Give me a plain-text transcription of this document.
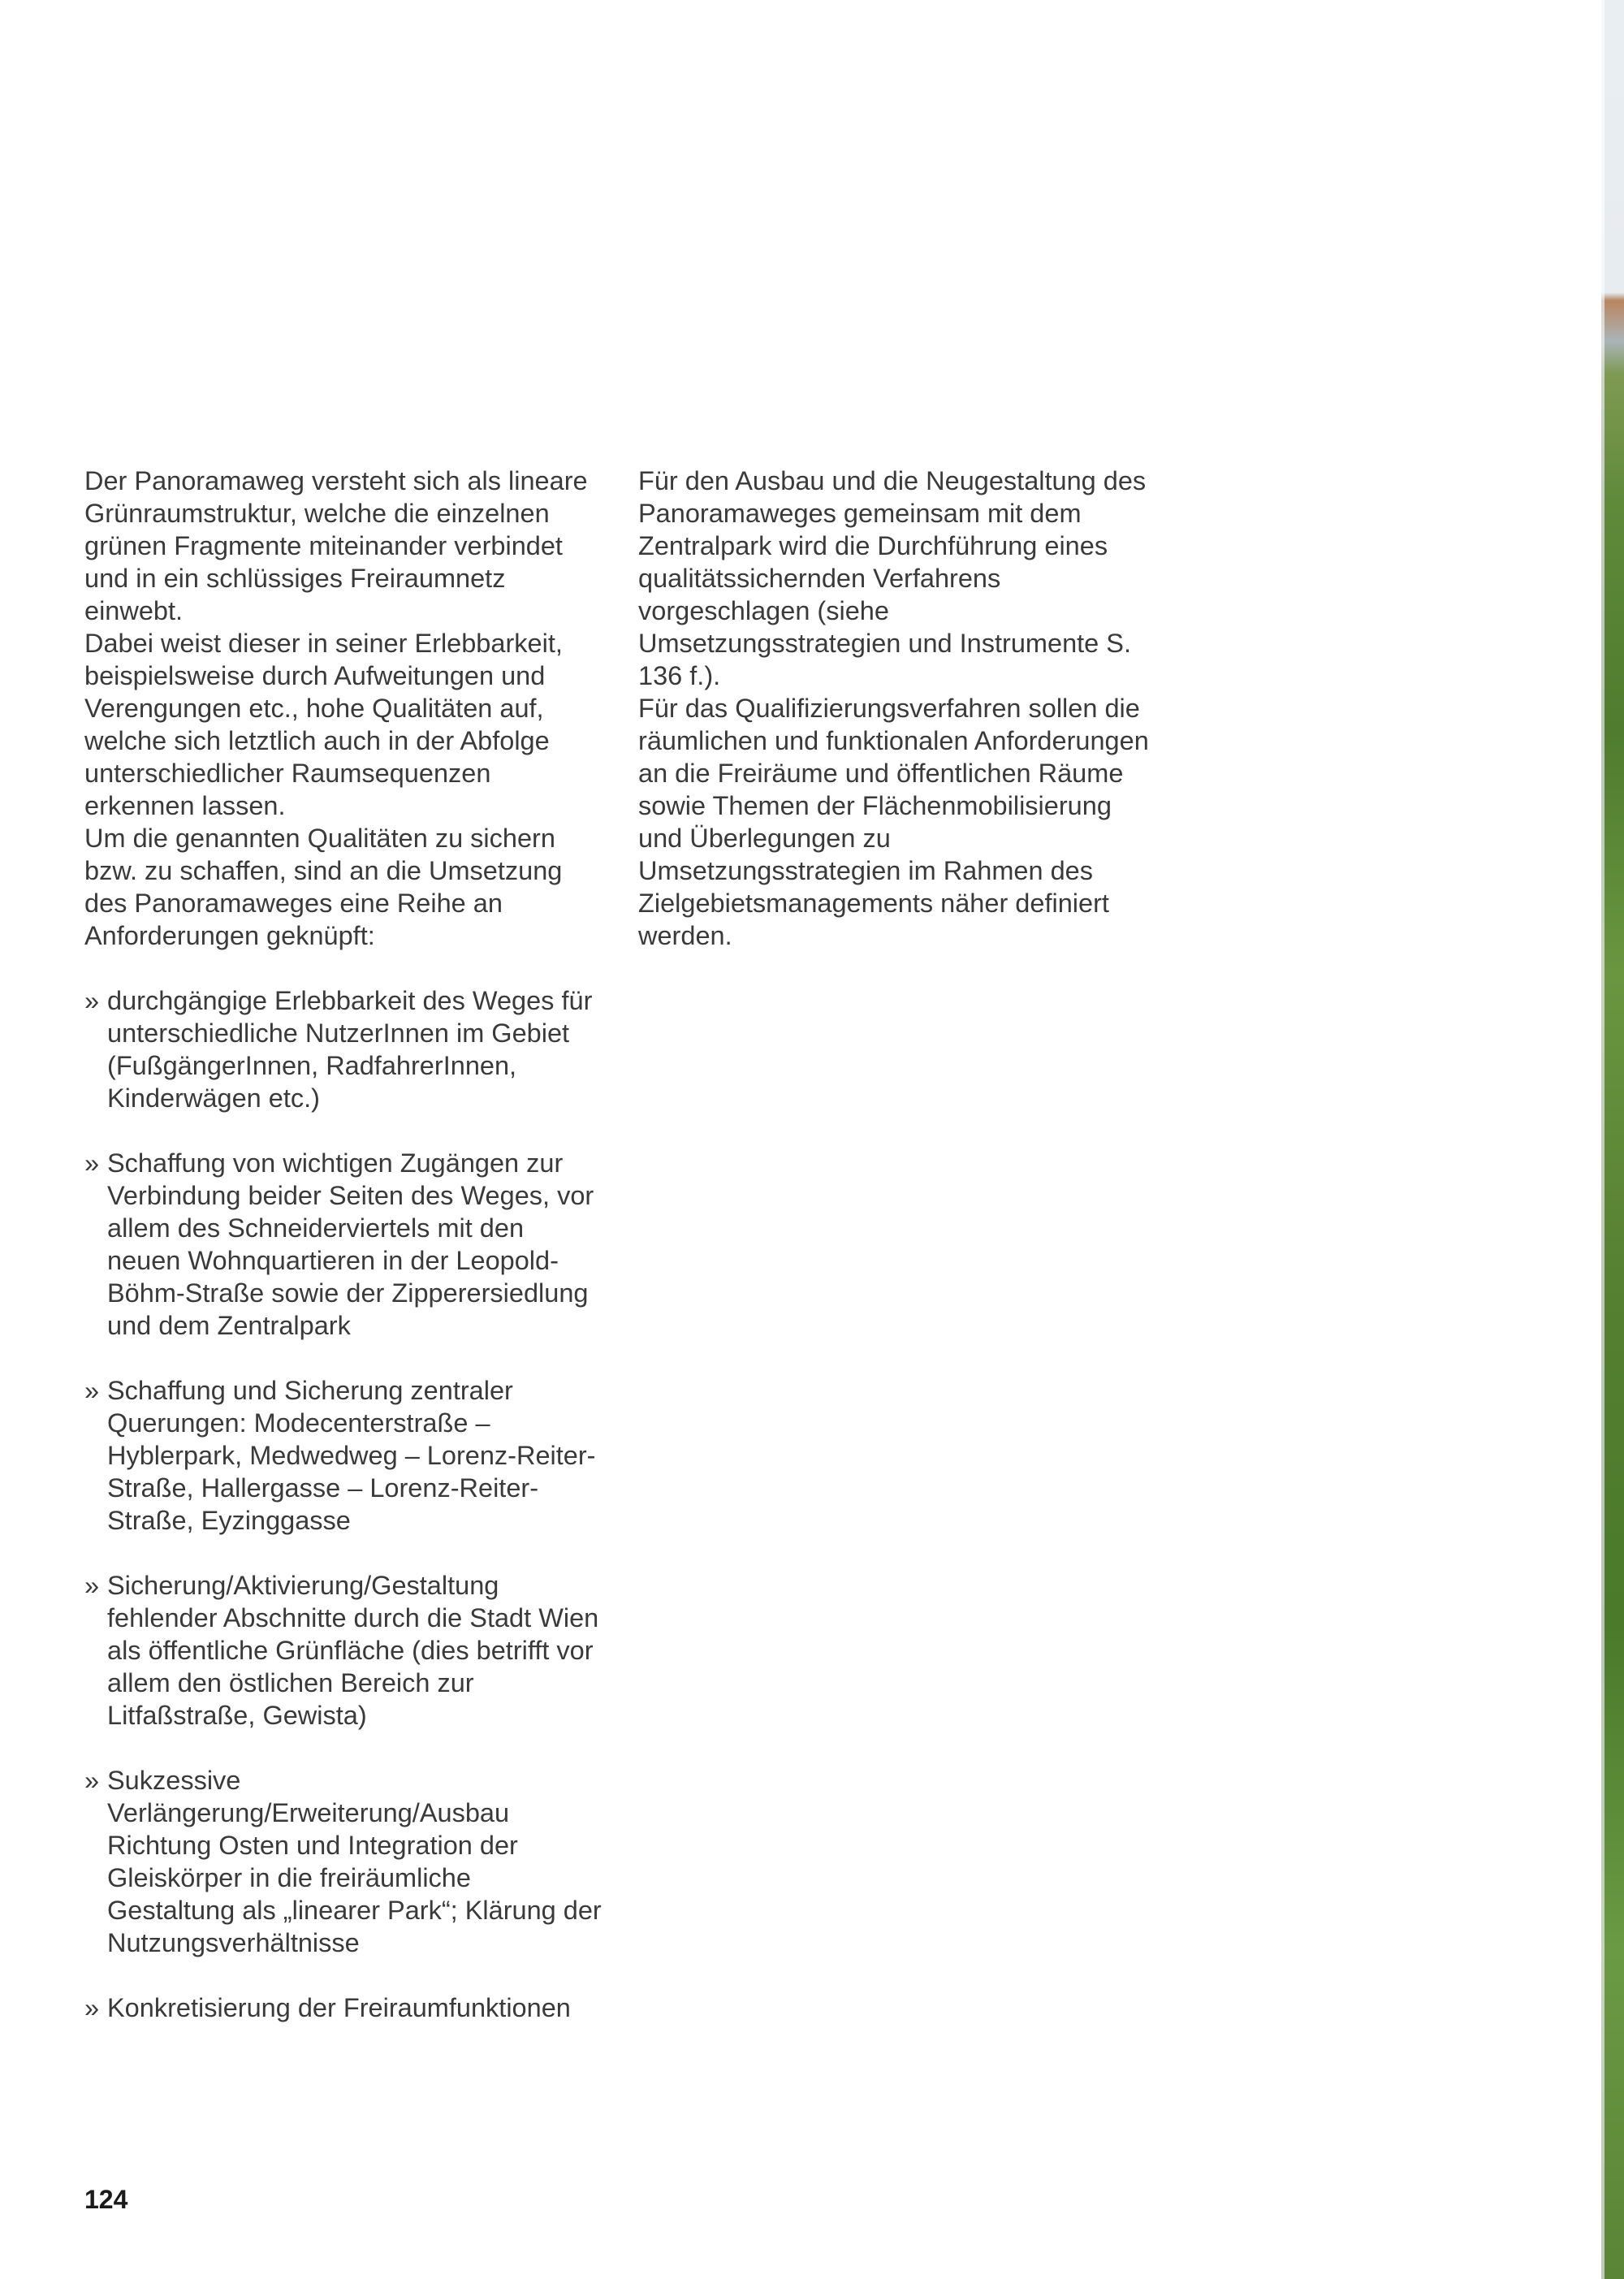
Der Panoramaweg versteht sich als lineare Grünraumstruktur, welche die einzelnen grünen Fragmente miteinander verbindet und in ein schlüssiges Freiraumnetz einwebt.

Dabei weist dieser in seiner Erlebbarkeit, beispielsweise durch Aufweitungen und Verengungen etc., hohe Qualitäten auf, welche sich letztlich auch in der Abfolge unterschiedlicher Raumsequenzen erkennen lassen.

Um die genannten Qualitäten zu sichern bzw. zu schaffen, sind an die Umsetzung des Panoramaweges eine Reihe an Anforderungen geknüpft:

» durchgängige Erlebbarkeit des Weges für unterschiedliche NutzerInnen im Gebiet (FußgängerInnen, RadfahrerInnen, Kinderwägen etc.)
» Schaffung von wichtigen Zugängen zur Verbindung beider Seiten des Weges, vor allem des Schneiderviertels mit den neuen Wohnquartieren in der Leopold-Böhm-Straße sowie der Zipperersiedlung und dem Zentralpark
» Schaffung und Sicherung zentraler Querungen: Modecenterstraße – Hyblerpark, Medwedweg – Lorenz-Reiter-Straße, Hallergasse – Lorenz-Reiter-Straße, Eyzinggasse
» Sicherung/Aktivierung/Gestaltung fehlender Abschnitte durch die Stadt Wien als öffentliche Grünfläche (dies betrifft vor allem den östlichen Bereich zur Litfaßstraße, Gewista)
» Sukzessive Verlängerung/Erweiterung/Ausbau Richtung Osten und Integration der Gleiskörper in die freiräumliche Gestaltung als „linearer Park“; Klärung der Nutzungsverhältnisse
» Konkretisierung der Freiraumfunktionen

Für den Ausbau und die Neugestaltung des Panoramaweges gemeinsam mit dem Zentralpark wird die Durchführung eines qualitätssichernden Verfahrens vorgeschlagen (siehe Umsetzungsstrategien und Instrumente S. 136 f.).

Für das Qualifizierungsverfahren sollen die räumlichen und funktionalen Anforderungen an die Freiräume und öffentlichen Räume sowie Themen der Flächenmobilisierung und Überlegungen zu Umsetzungsstrategien im Rahmen des Zielgebietsmanagements näher definiert werden.

124
